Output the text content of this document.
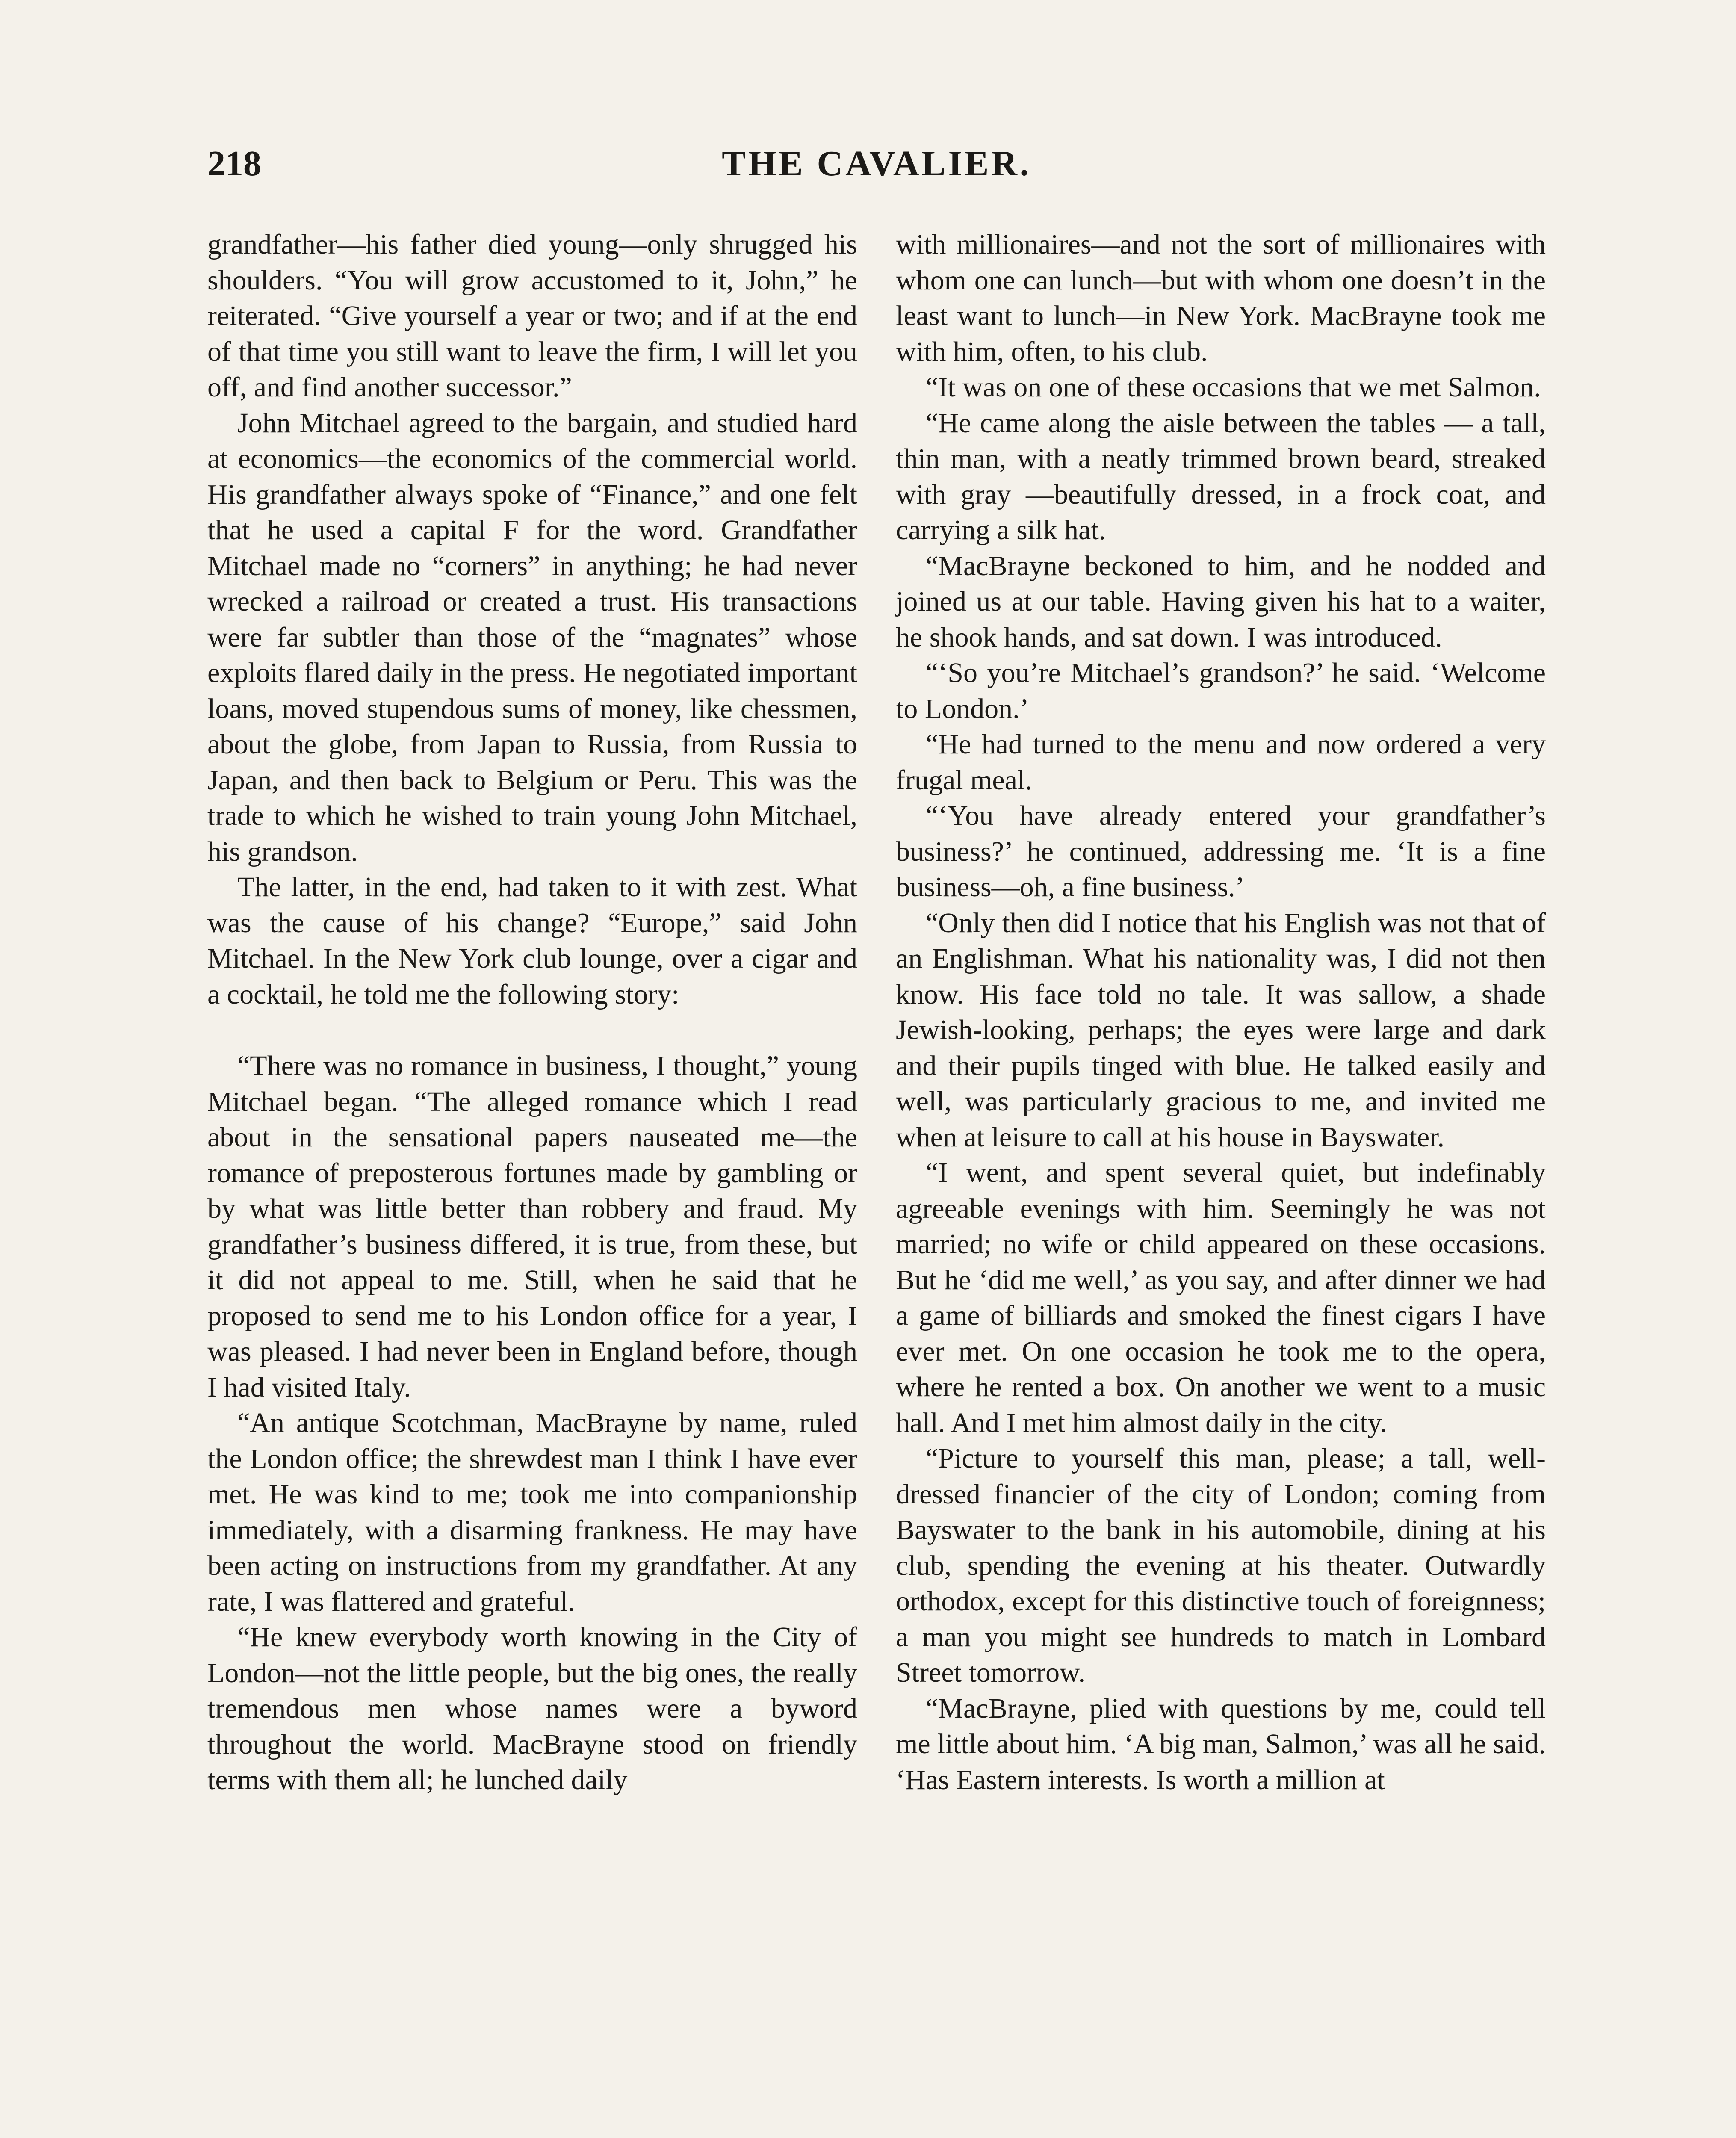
218	THE CAVALIER.

grandfather—his father died young—only shrugged his shoulders. “You will grow accustomed to it, John,” he reiterated. “Give yourself a year or two; and if at the end of that time you still want to leave the firm, I will let you off, and find another successor.”

John Mitchael agreed to the bargain, and studied hard at economics—the economics of the commercial world. His grandfather always spoke of “Finance,” and one felt that he used a capital F for the word. Grandfather Mitchael made no “corners” in anything; he had never wrecked a railroad or created a trust. His transactions were far subtler than those of the “magnates” whose exploits flared daily in the press. He negotiated important loans, moved stupendous sums of money, like chessmen, about the globe, from Japan to Russia, from Russia to Japan, and then back to Belgium or Peru. This was the trade to which he wished to train young John Mitchael, his grandson.

The latter, in the end, had taken to it with zest. What was the cause of his change? “Europe,” said John Mitchael. In the New York club lounge, over a cigar and a cocktail, he told me the following story:

“There was no romance in business, I thought,” young Mitchael began. “The alleged romance which I read about in the sensational papers nauseated me—the romance of preposterous fortunes made by gambling or by what was little better than robbery and fraud. My grandfather’s business differed, it is true, from these, but it did not appeal to me. Still, when he said that he proposed to send me to his London office for a year, I was pleased. I had never been in England before, though I had visited Italy.

“An antique Scotchman, MacBrayne by name, ruled the London office; the shrewdest man I think I have ever met. He was kind to me; took me into companionship immediately, with a disarming frankness. He may have been acting on instructions from my grandfather. At any rate, I was flattered and grateful.

“He knew everybody worth knowing in the City of London—not the little people, but the big ones, the really tremendous men whose names were a byword throughout the world. MacBrayne stood on friendly terms with them all; he lunched daily

with millionaires—and not the sort of millionaires with whom one can lunch—but with whom one doesn’t in the least want to lunch—in New York. MacBrayne took me with him, often, to his club.

“It was on one of these occasions that we met Salmon.

“He came along the aisle between the tables — a tall, thin man, with a neatly trimmed brown beard, streaked with gray —beautifully dressed, in a frock coat, and carrying a silk hat.

“MacBrayne beckoned to him, and he nodded and joined us at our table. Having given his hat to a waiter, he shook hands, and sat down. I was introduced.

“‘So you’re Mitchael’s grandson?’ he said. ‘Welcome to London.’

“He had turned to the menu and now ordered a very frugal meal.

“‘You have already entered your grandfather’s business?’ he continued, addressing me. ‘It is a fine business—oh, a fine business.’

“Only then did I notice that his English was not that of an Englishman. What his nationality was, I did not then know. His face told no tale. It was sallow, a shade Jewish-looking, perhaps; the eyes were large and dark and their pupils tinged with blue. He talked easily and well, was particularly gracious to me, and invited me when at leisure to call at his house in Bayswater.

“I went, and spent several quiet, but indefinably agreeable evenings with him. Seemingly he was not married; no wife or child appeared on these occasions. But he ‘did me well,’ as you say, and after dinner we had a game of billiards and smoked the finest cigars I have ever met. On one occasion he took me to the opera, where he rented a box. On another we went to a music hall. And I met him almost daily in the city.

“Picture to yourself this man, please; a tall, well-dressed financier of the city of London; coming from Bayswater to the bank in his automobile, dining at his club, spending the evening at his theater. Outwardly orthodox, except for this distinctive touch of foreignness; a man you might see hundreds to match in Lombard Street tomorrow.

“MacBrayne, plied with questions by me, could tell me little about him. ‘A big man, Salmon,’ was all he said. ‘Has Eastern interests. Is worth a million at
